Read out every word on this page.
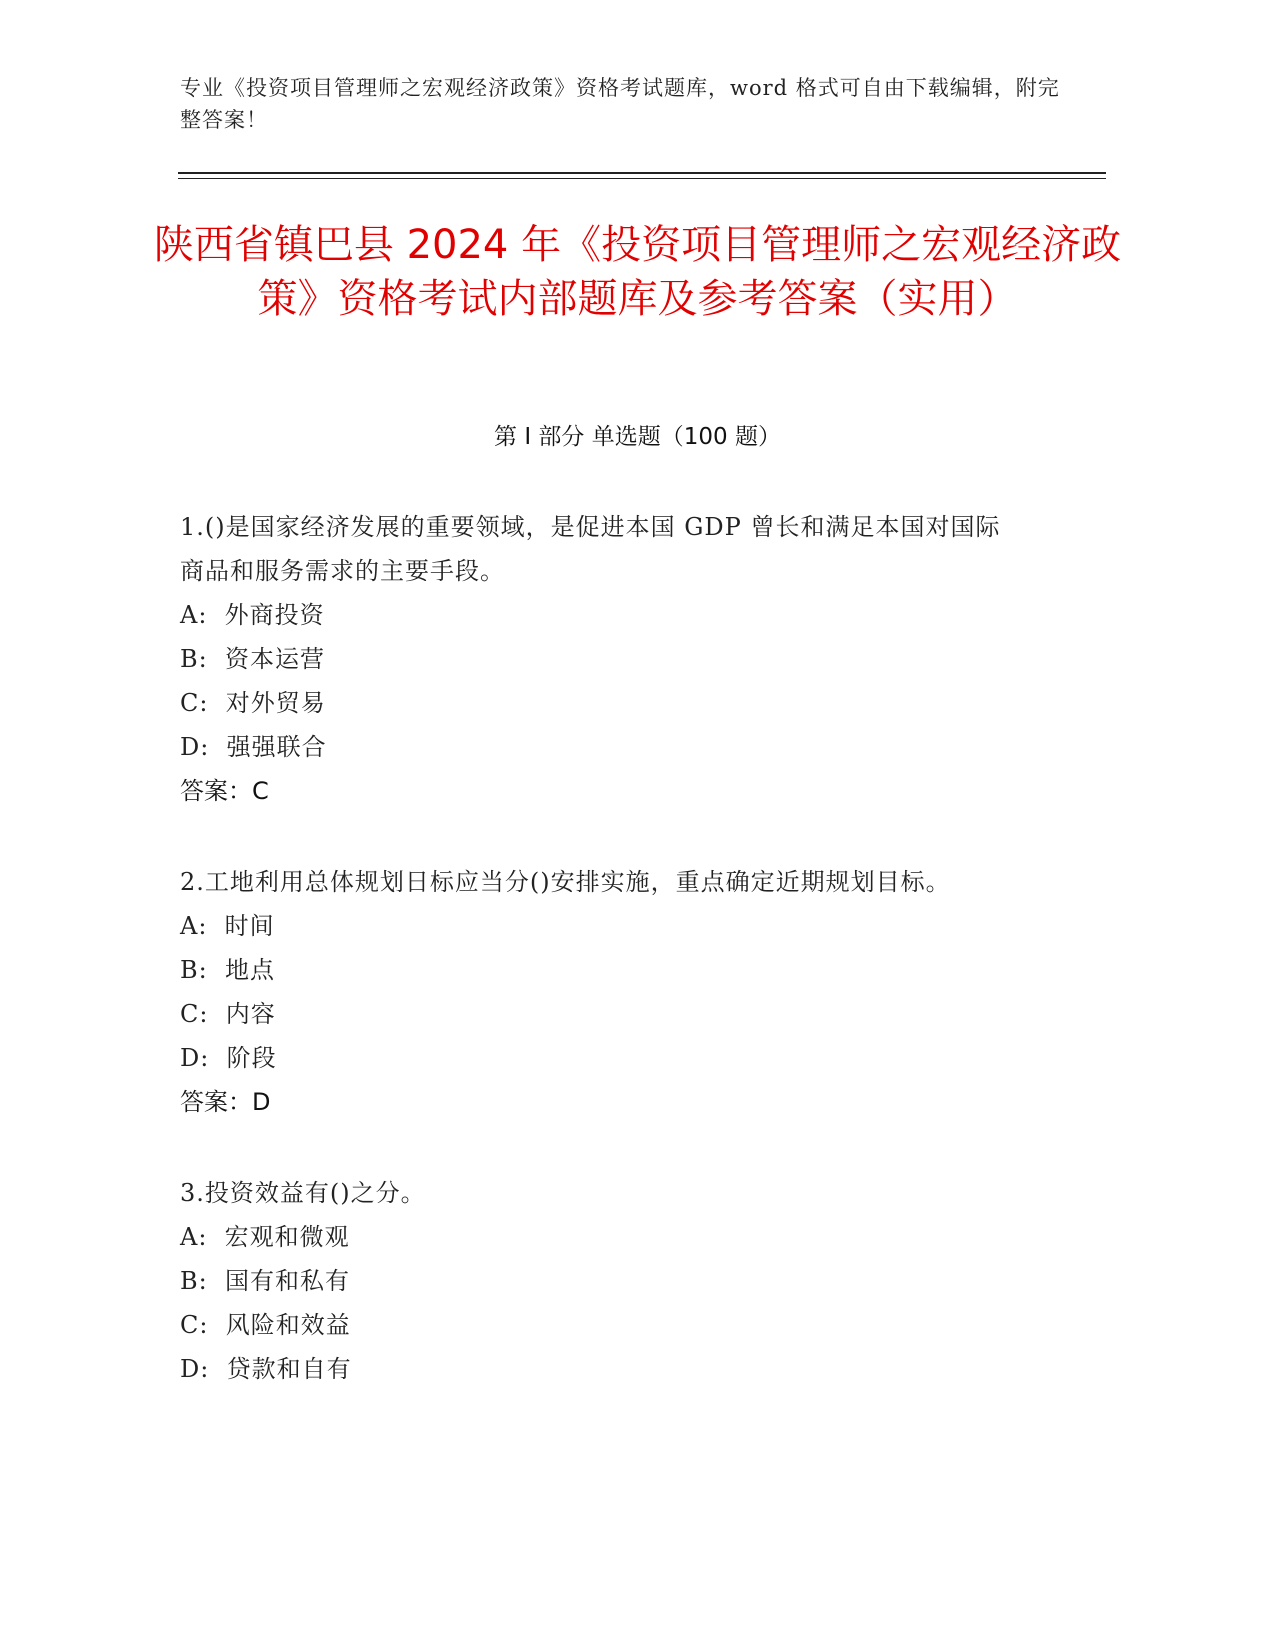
专业《投资项目管理师之宏观经济政策》资格考试题库，word 格式可自由下载编辑，附完整答案！
陕西省镇巴县 2024 年《投资项目管理师之宏观经济政策》资格考试内部题库及参考答案（实用）
第 I 部分 单选题（100 题）

1.()是国家经济发展的重要领域，是促进本国 GDP 曾长和满足本国对国际商品和服务需求的主要手段。

A:  外商投资

B:  资本运营

C:  对外贸易

D:  强强联合

答案：C

2.工地利用总体规划日标应当分()安排实施，重点确定近期规划目标。

A:  时间

B:  地点

C:  内容

D:  阶段

答案：D

3.投资效益有()之分。

A:  宏观和微观

B:  国有和私有

C:  风险和效益

D:  贷款和自有
